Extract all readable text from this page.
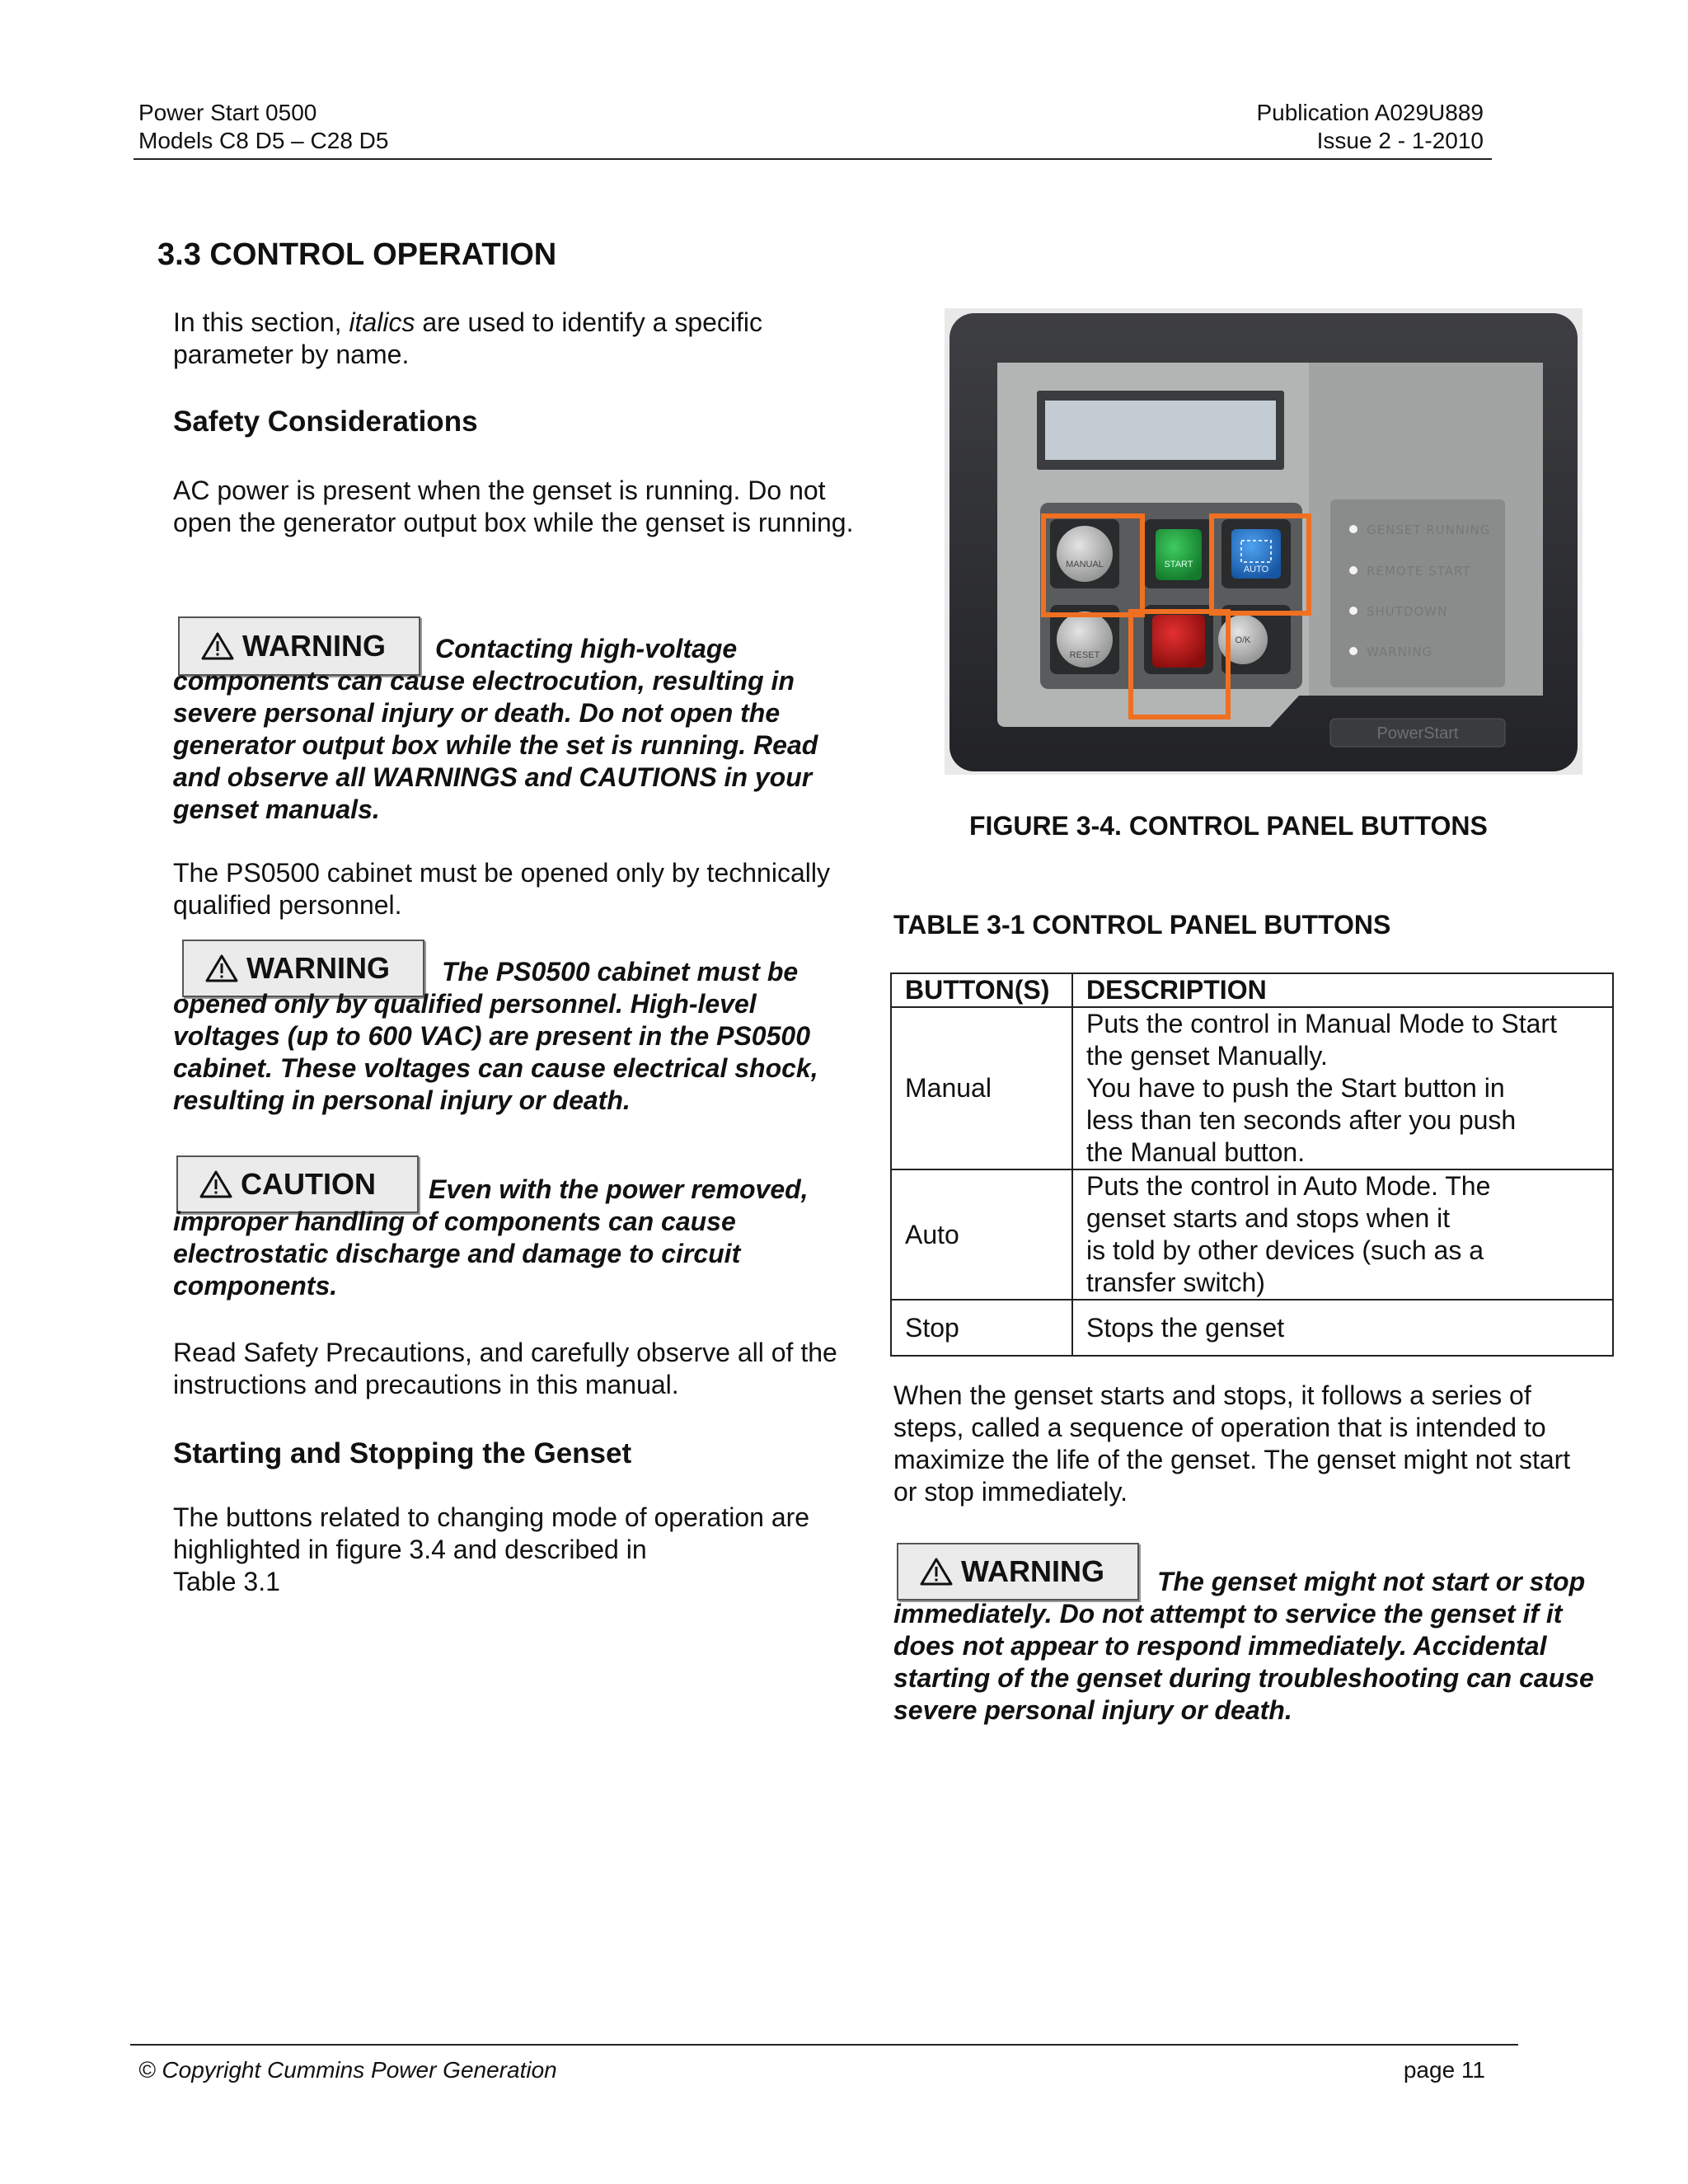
Power Start 0500
Models C8 D5 – C28 D5
Publication A029U889
Issue 2 - 1-2010
3.3 CONTROL OPERATION

In this section, italics are used to identify a specific parameter by name.

Safety Considerations

AC power is present when the genset is running. Do not open the generator output box while the genset is running.

WARNING	Contacting high-voltage components can cause electrocution, resulting in severe personal injury or death. Do not open the generator output box while the set is running. Read and observe all WARNINGS and CAUTIONS in your genset manuals.

The PS0500 cabinet must be opened only by technically qualified personnel.

WARNING	The PS0500 cabinet must be opened only by qualified personnel. High-level voltages (up to 600 VAC) are present in the PS0500 cabinet. These voltages can cause electrical shock, resulting in personal injury or death.

CAUTION	Even with the power removed, improper handling of components can cause electrostatic discharge and damage to circuit components.

Read Safety Precautions, and carefully observe all of the instructions and precautions in this manual.

Starting and Stopping the Genset

The buttons related to changing mode of operation are highlighted in figure 3.4 and described in
Table 3.1

MANUAL	START	AUTO
RESET
O/K
GENSET RUNNING
REMOTE START
SHUTDOWN
WARNING
PowerStart
FIGURE 3-4. CONTROL PANEL BUTTONS
TABLE 3-1 CONTROL PANEL BUTTONS
BUTTON(S)	DESCRIPTION
Manual	Puts the control in Manual Mode to Start
the genset Manually.
You have to push the Start button in
less than ten seconds after you push
the Manual button.

Auto	Puts the control in Auto Mode. The
genset starts and stops when it
is told by other devices (such as a
transfer switch)

Stop	Stops the genset

When the genset starts and stops, it follows a series of steps, called a sequence of operation that is intended to maximize the life of the genset. The genset might not start or stop immediately.

WARNING	The genset might not start or stop immediately. Do not attempt to service the genset if it does not appear to respond immediately. Accidental starting of the genset during troubleshooting can cause severe personal injury or death.

© Copyright Cummins Power Generation	page 11
